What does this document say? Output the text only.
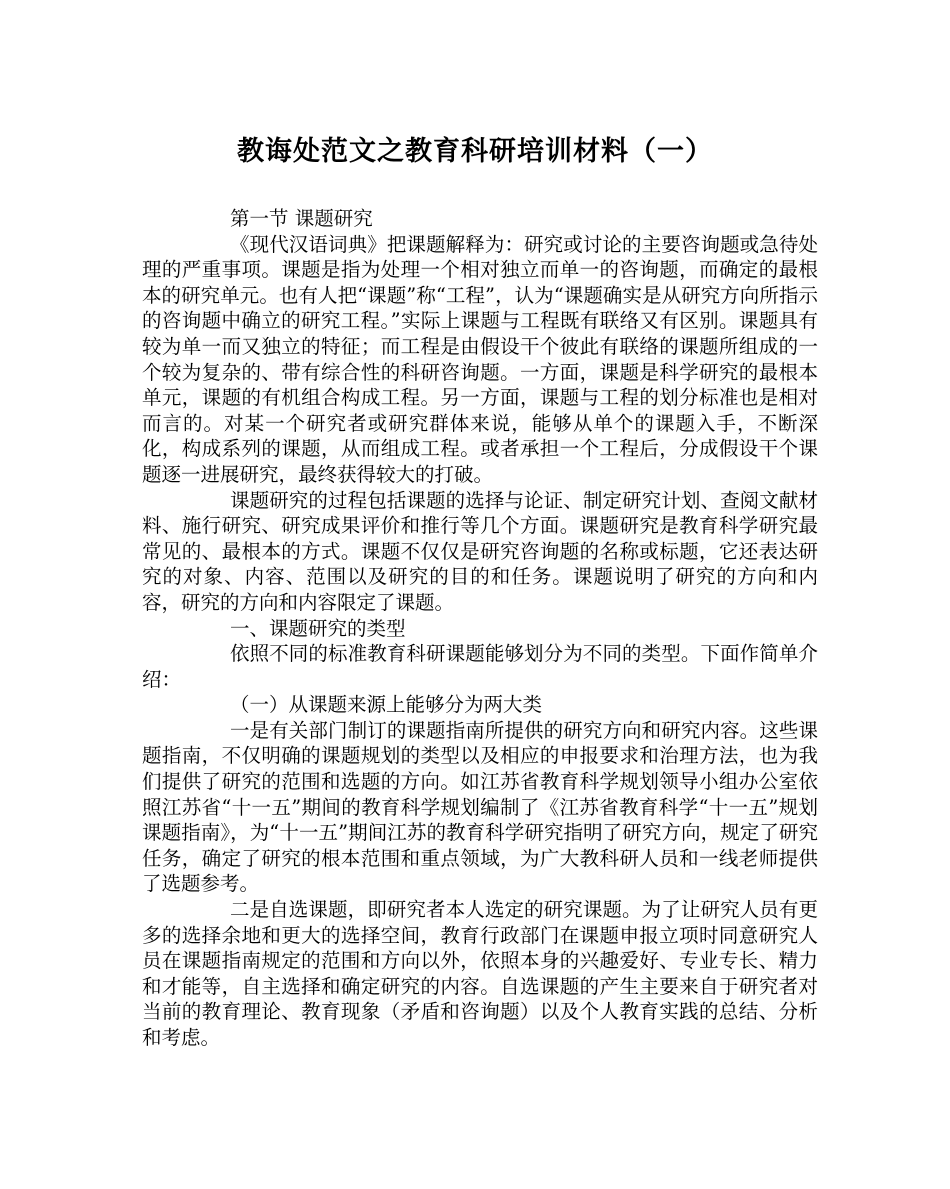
教诲处范文之教育科研培训材料（一）

第一节 课题研究

《现代汉语词典》把课题解释为：研究或讨论的主要咨询题或急待处理的严重事项。课题是指为处理一个相对独立而单一的咨询题，而确定的最根本的研究单元。也有人把“课题”称“工程”，认为“课题确实是从研究方向所指示的咨询题中确立的研究工程。”实际上课题与工程既有联络又有区别。课题具有较为单一而又独立的特征；而工程是由假设干个彼此有联络的课题所组成的一个较为复杂的、带有综合性的科研咨询题。一方面，课题是科学研究的最根本单元，课题的有机组合构成工程。另一方面，课题与工程的划分标准也是相对而言的。对某一个研究者或研究群体来说，能够从单个的课题入手，不断深化，构成系列的课题，从而组成工程。或者承担一个工程后，分成假设干个课题逐一进展研究，最终获得较大的打破。

课题研究的过程包括课题的选择与论证、制定研究计划、查阅文献材料、施行研究、研究成果评价和推行等几个方面。课题研究是教育科学研究最常见的、最根本的方式。课题不仅仅是研究咨询题的名称或标题，它还表达研究的对象、内容、范围以及研究的目的和任务。课题说明了研究的方向和内容，研究的方向和内容限定了课题。

一、课题研究的类型

依照不同的标准教育科研课题能够划分为不同的类型。下面作简单介绍：

（一）从课题来源上能够分为两大类

一是有关部门制订的课题指南所提供的研究方向和研究内容。这些课题指南，不仅明确的课题规划的类型以及相应的申报要求和治理方法，也为我们提供了研究的范围和选题的方向。如江苏省教育科学规划领导小组办公室依照江苏省“十一五”期间的教育科学规划编制了《江苏省教育科学“十一五”规划课题指南》，为“十一五”期间江苏的教育科学研究指明了研究方向，规定了研究任务，确定了研究的根本范围和重点领域，为广大教科研人员和一线老师提供了选题参考。

二是自选课题，即研究者本人选定的研究课题。为了让研究人员有更多的选择余地和更大的选择空间，教育行政部门在课题申报立项时同意研究人员在课题指南规定的范围和方向以外，依照本身的兴趣爱好、专业专长、精力和才能等，自主选择和确定研究的内容。自选课题的产生主要来自于研究者对当前的教育理论、教育现象（矛盾和咨询题）以及个人教育实践的总结、分析和考虑。
